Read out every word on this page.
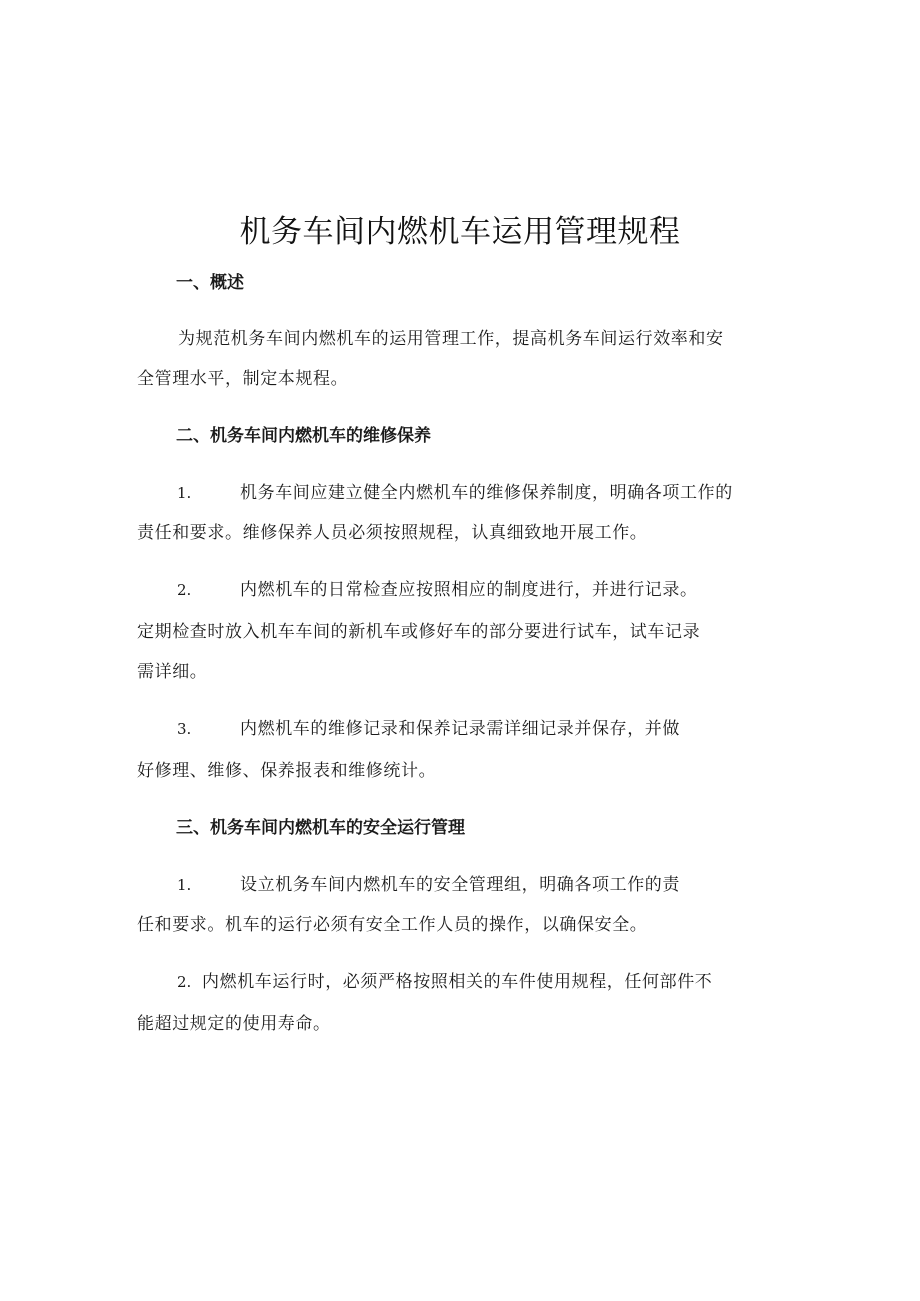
机务车间内燃机车运用管理规程
一、概述
为规范机务车间内燃机车的运用管理工作，提高机务车间运行效率和安
全管理水平，制定本规程。
二、机务车间内燃机车的维修保养
1.	机务车间应建立健全内燃机车的维修保养制度，明确各项工作的
责任和要求。维修保养人员必须按照规程，认真细致地开展工作。
2.	内燃机车的日常检查应按照相应的制度进行，并进行记录。
定期检查时放入机车车间的新机车或修好车的部分要进行试车，试车记录
需详细。
3.	内燃机车的维修记录和保养记录需详细记录并保存，并做
好修理、维修、保养报表和维修统计。
三、机务车间内燃机车的安全运行管理
1.	设立机务车间内燃机车的安全管理组，明确各项工作的责
任和要求。机车的运行必须有安全工作人员的操作，以确保安全。
2. 内燃机车运行时，必须严格按照相关的车件使用规程，任何部件不
能超过规定的使用寿命。
